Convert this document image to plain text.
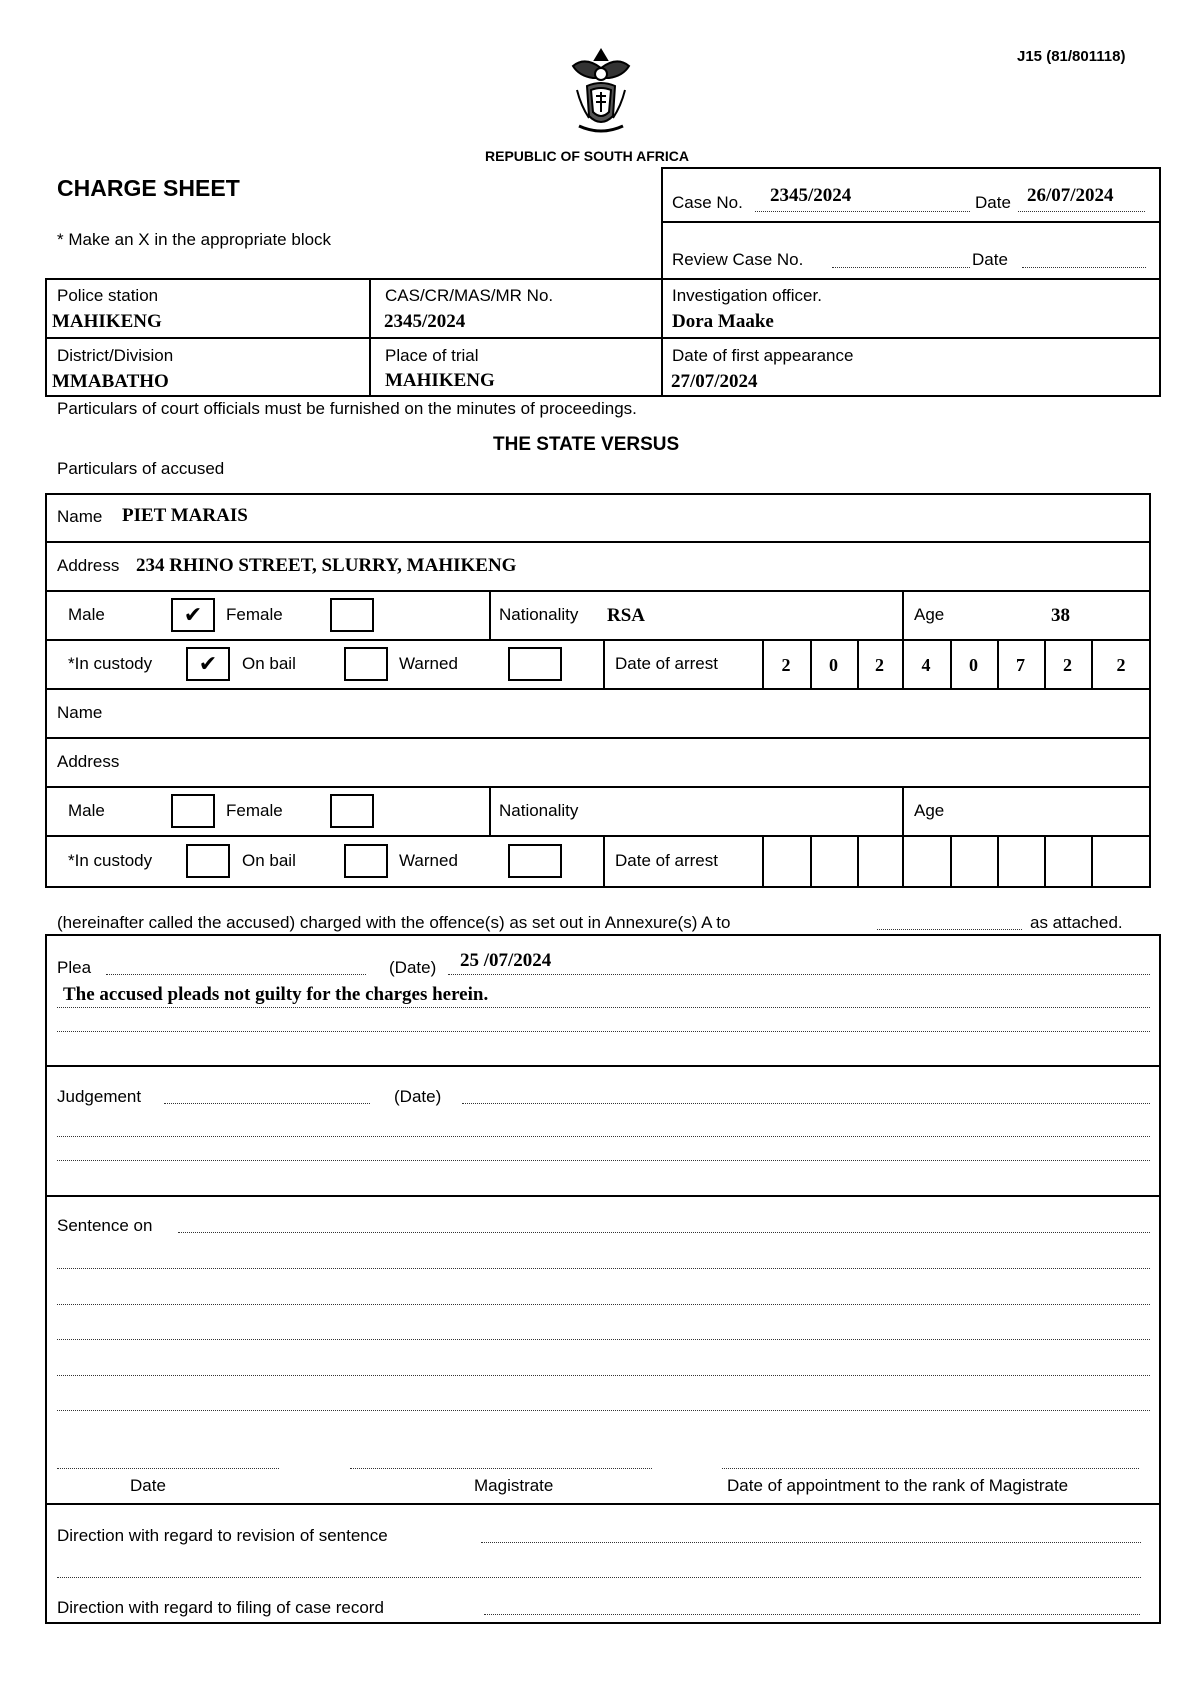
J15 (81/801118)
REPUBLIC OF SOUTH AFRICA
CHARGE SHEET
* Make an X in the appropriate block
Case No. 2345/2024	Date 26/07/2024
Review Case No.	Date
Police station
MAHIKENG
CAS/CR/MAS/MR No.
2345/2024
Investigation officer.
Dora Maake
District/Division
MMABATHO
Place of trial
MAHIKENG
Date of first appearance
27/07/2024
Particulars of court officials must be furnished on the minutes of proceedings.
THE STATE VERSUS
Particulars of accused
Name PIET MARAIS
Address 234 RHINO STREET, SLURRY, MAHIKENG
Male	✔	Female	Nationality RSA	Age	38
*In custody	✔	On bail	Warned	Date of arrest	2	0	2	4	0	7	2	2
Name
Address
Male	Female	Nationality	Age
*In custody	On bail	Warned	Date of arrest
(hereinafter called the accused) charged with the offence(s) as set out in Annexure(s) A to	as attached.
Plea	(Date) 25 /07/2024
The accused pleads not guilty for the charges herein.
Judgement	(Date)
Sentence on
Date	Magistrate	Date of appointment to the rank of Magistrate
Direction with regard to revision of sentence
Direction with regard to filing of case record
